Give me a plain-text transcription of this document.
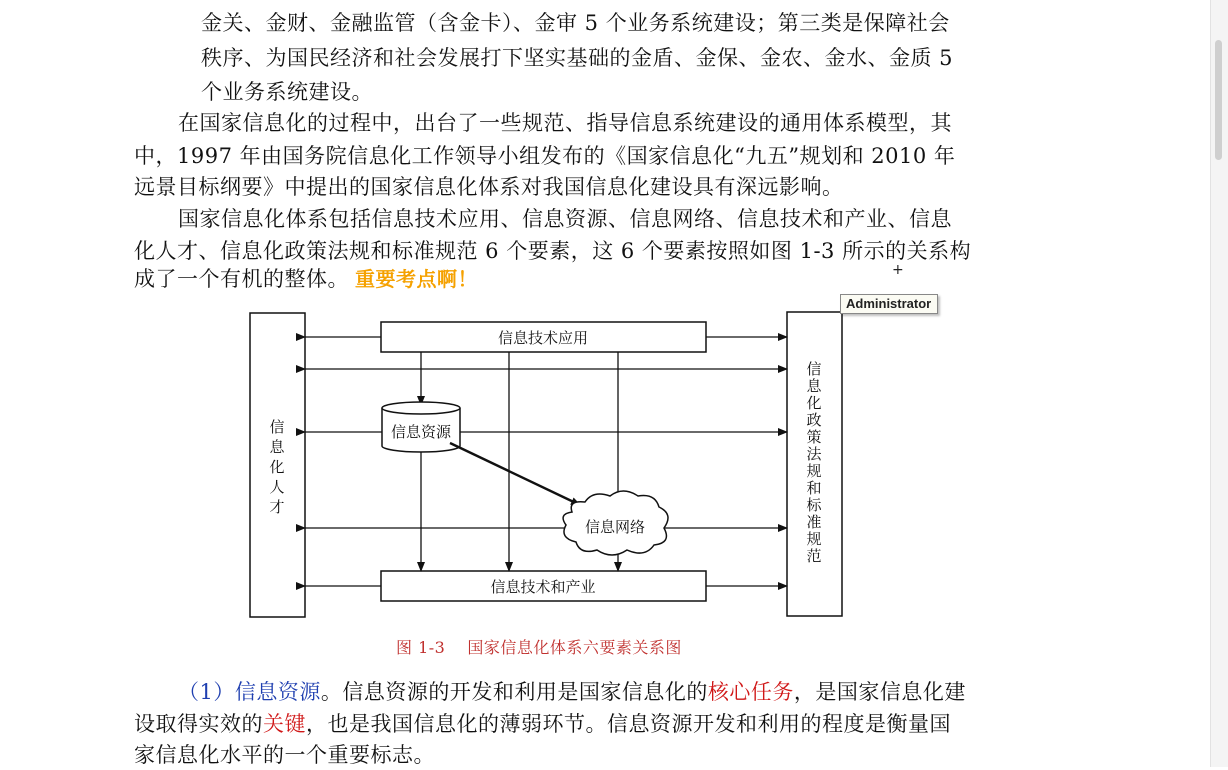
金关、金财、金融监管（含金卡）、金审 5 个业务系统建设；第三类是保障社会
秩序、为国民经济和社会发展打下坚实基础的金盾、金保、金农、金水、金质 5
个业务系统建设。
在国家信息化的过程中，出台了一些规范、指导信息系统建设的通用体系模型，其
中，1997 年由国务院信息化工作领导小组发布的《国家信息化“九五”规划和 2010 年
远景目标纲要》中提出的国家信息化体系对我国信息化建设具有深远影响。
国家信息化体系包括信息技术应用、信息资源、信息网络、信息技术和产业、信息
化人才、信息化政策法规和标准规范 6 个要素，这 6 个要素按照如图 1-3 所示的关系构
成了一个有机的整体。 重要考点啊！
信息技术应用
信息资源
信息网络
信息技术和产业
信
息
化
人
才
信
息
化
政
策
法
规
和
标
准
规
范
Administrator
+
图 1-3 国家信息化体系六要素关系图
（1）信息资源。信息资源的开发和利用是国家信息化的核心任务，是国家信息化建
设取得实效的关键，也是我国信息化的薄弱环节。信息资源开发和利用的程度是衡量国
家信息化水平的一个重要标志。
